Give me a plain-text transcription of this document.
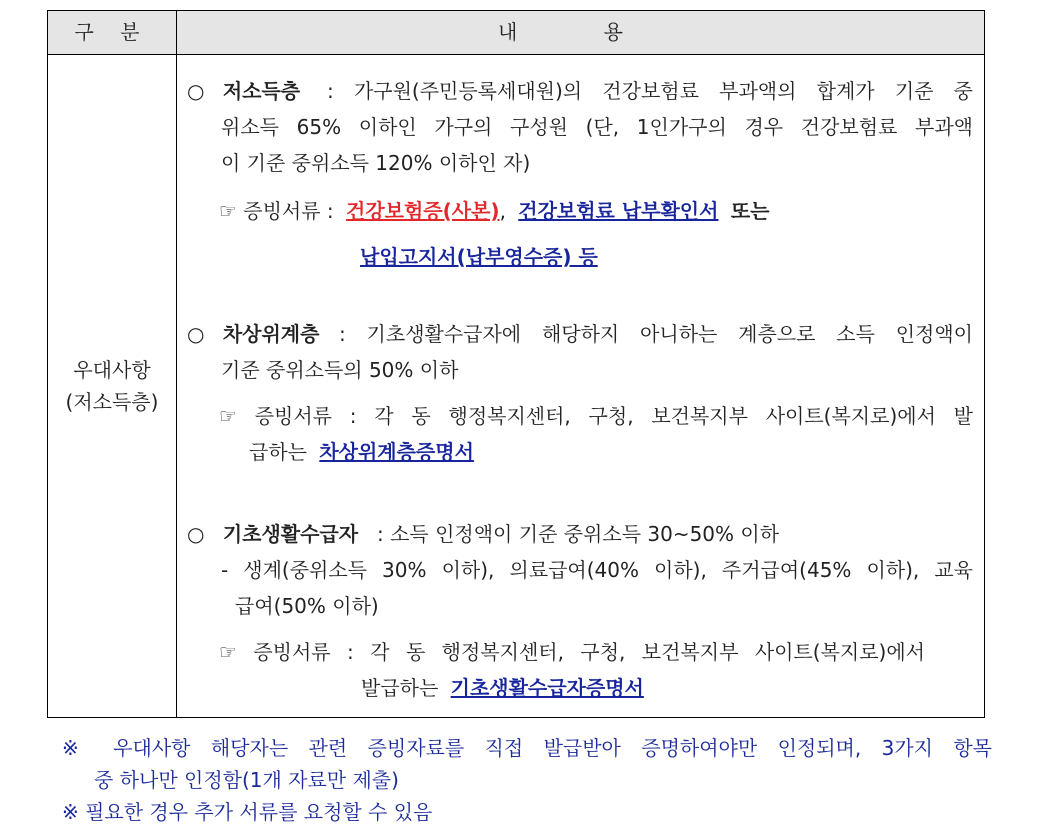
구 분	내 용
우대사항
(저소득층)
○ 저소득층 : 가구원(주민등록세대원)의 건강보험료 부과액의 합계가 기준 중
위소득 65% 이하인 가구의 구성원 (단, 1인가구의 경우 건강보험료 부과액
이 기준 중위소득 120% 이하인 자)
☞ 증빙서류 : 건강보험증(사본), 건강보험료 납부확인서 또는
납입고지서(납부영수증) 등
○ 차상위계층 : 기초생활수급자에 해당하지 아니하는 계층으로 소득 인정액이
기준 중위소득의 50% 이하
☞ 증빙서류 : 각 동 행정복지센터, 구청, 보건복지부 사이트(복지로)에서 발
급하는 차상위계층증명서
○ 기초생활수급자 : 소득 인정액이 기준 중위소득 30~50% 이하
- 생계(중위소득 30% 이하), 의료급여(40% 이하), 주거급여(45% 이하), 교육
급여(50% 이하)
☞ 증빙서류 : 각 동 행정복지센터, 구청, 보건복지부 사이트(복지로)에서
발급하는 기초생활수급자증명서
※ 우대사항 해당자는 관련 증빙자료를 직접 발급받아 증명하여야만 인정되며, 3가지 항목
중 하나만 인정함(1개 자료만 제출)
※ 필요한 경우 추가 서류를 요청할 수 있음
